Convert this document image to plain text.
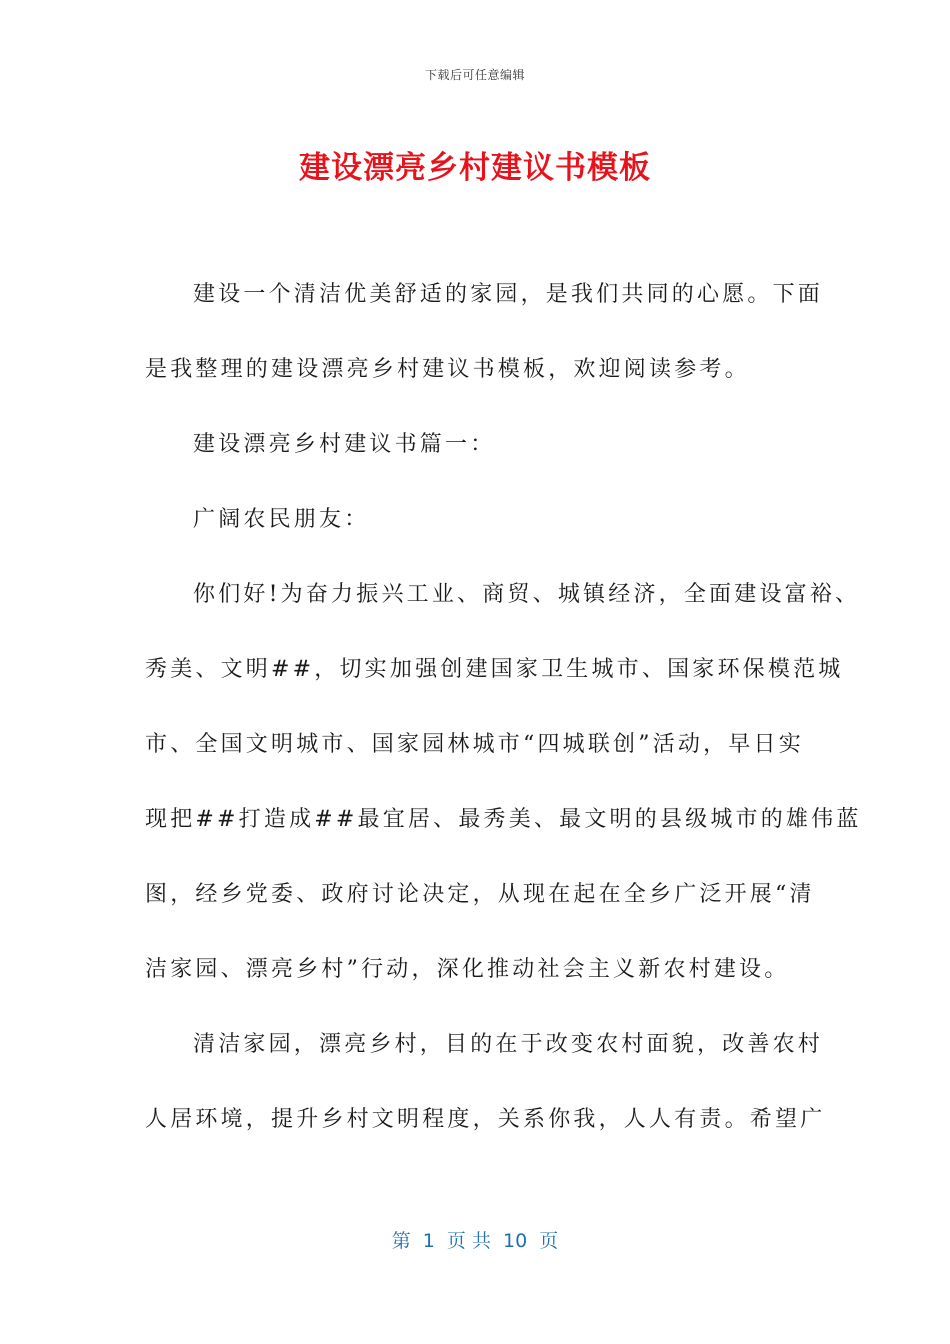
下载后可任意编辑
建设漂亮乡村建议书模板
建设一个清洁优美舒适的家园，是我们共同的心愿。下面
是我整理的建设漂亮乡村建议书模板，欢迎阅读参考。
建设漂亮乡村建议书篇一：
广阔农民朋友：
你们好!为奋力振兴工业、商贸、城镇经济，全面建设富裕、
秀美、文明##，切实加强创建国家卫生城市、国家环保模范城
市、全国文明城市、国家园林城市“四城联创”活动，早日实
现把##打造成##最宜居、最秀美、最文明的县级城市的雄伟蓝
图，经乡党委、政府讨论决定，从现在起在全乡广泛开展“清
洁家园、漂亮乡村”行动，深化推动社会主义新农村建设。
清洁家园，漂亮乡村，目的在于改变农村面貌，改善农村
人居环境，提升乡村文明程度，关系你我，人人有责。希望广
第  1  页 共  10  页
